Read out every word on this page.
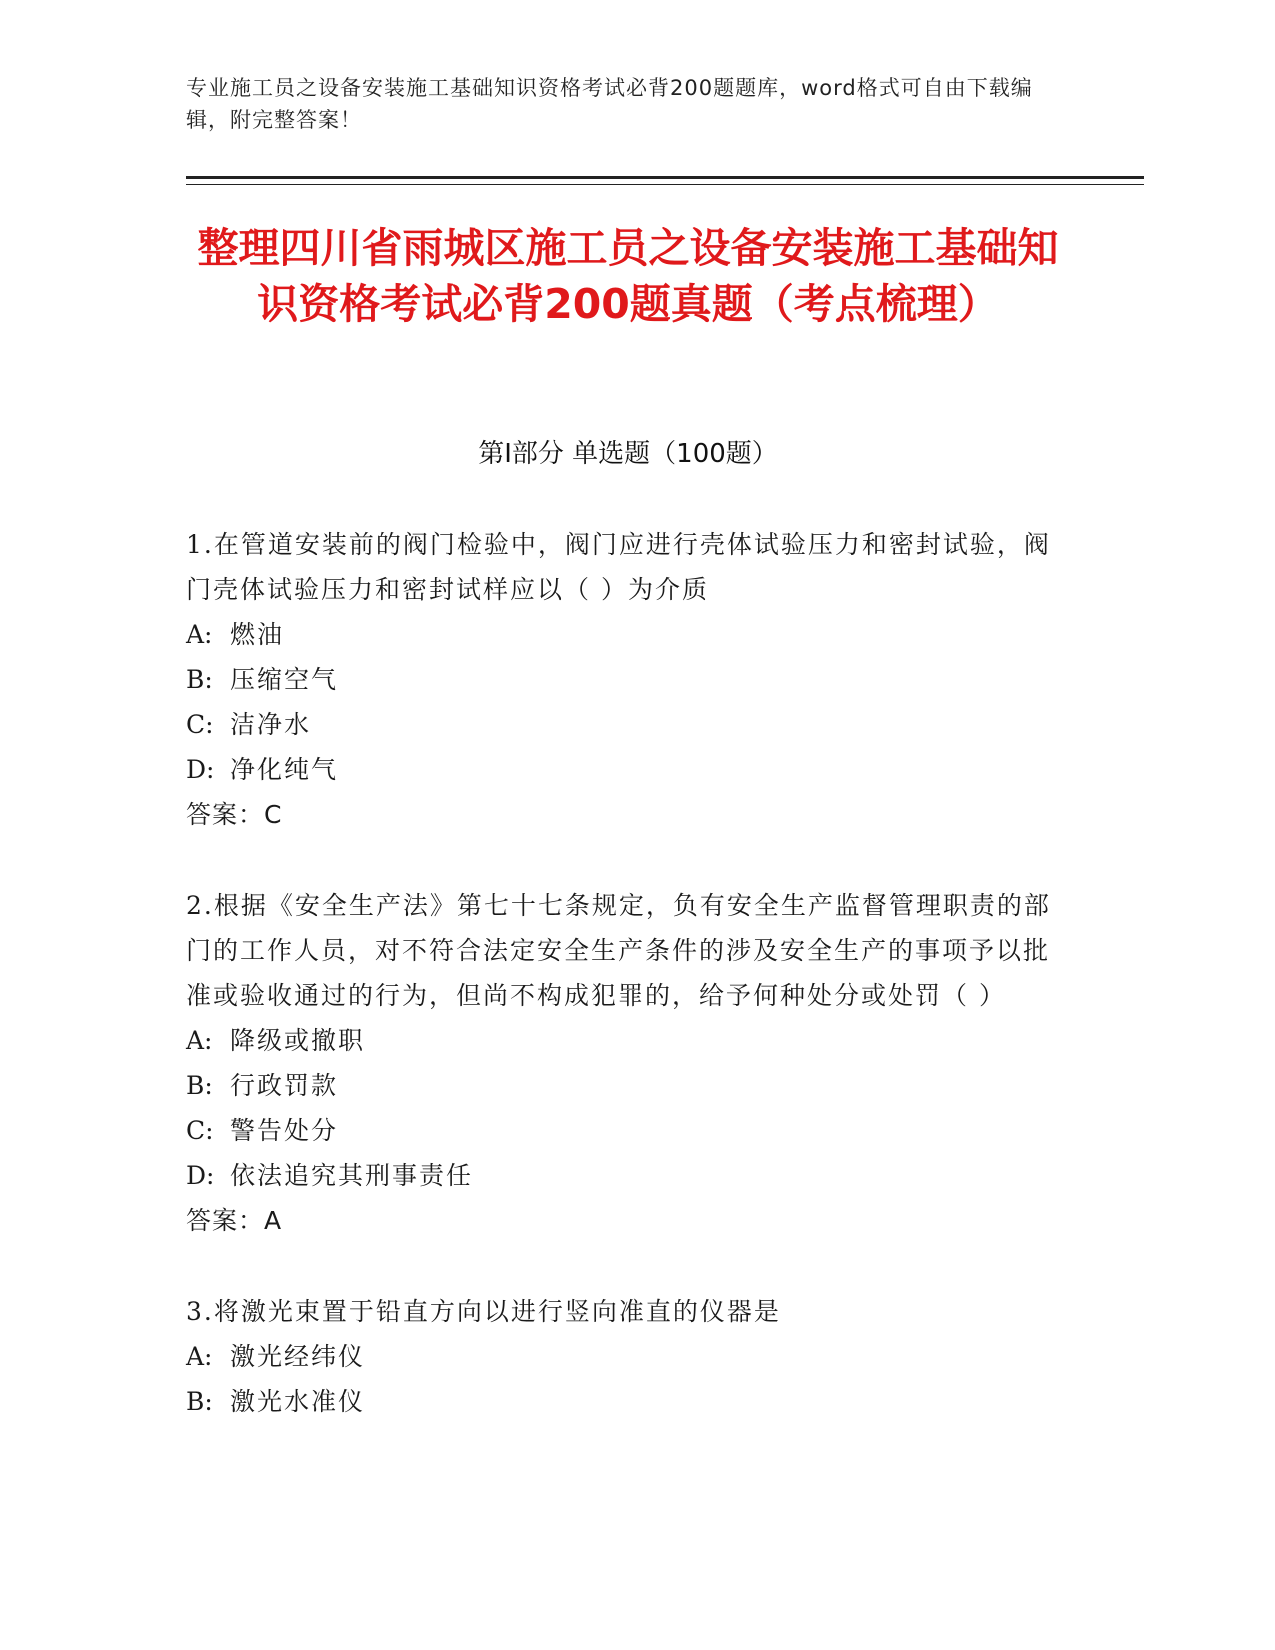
专业施工员之设备安装施工基础知识资格考试必背200题题库，word格式可自由下载编辑，附完整答案！
整理四川省雨城区施工员之设备安装施工基础知识资格考试必背200题真题（考点梳理）
第I部分 单选题（100题）

1.在管道安装前的阀门检验中，阀门应进行壳体试验压力和密封试验，阀门壳体试验压力和密封试样应以（ ）为介质

A: 燃油

B: 压缩空气

C: 洁净水

D: 净化纯气

答案：C

2.根据《安全生产法》第七十七条规定，负有安全生产监督管理职责的部门的工作人员，对不符合法定安全生产条件的涉及安全生产的事项予以批准或验收通过的行为，但尚不构成犯罪的，给予何种处分或处罚（ ）

A: 降级或撤职

B: 行政罚款

C: 警告处分

D: 依法追究其刑事责任

答案：A

3.将激光束置于铅直方向以进行竖向准直的仪器是

A: 激光经纬仪

B: 激光水准仪
